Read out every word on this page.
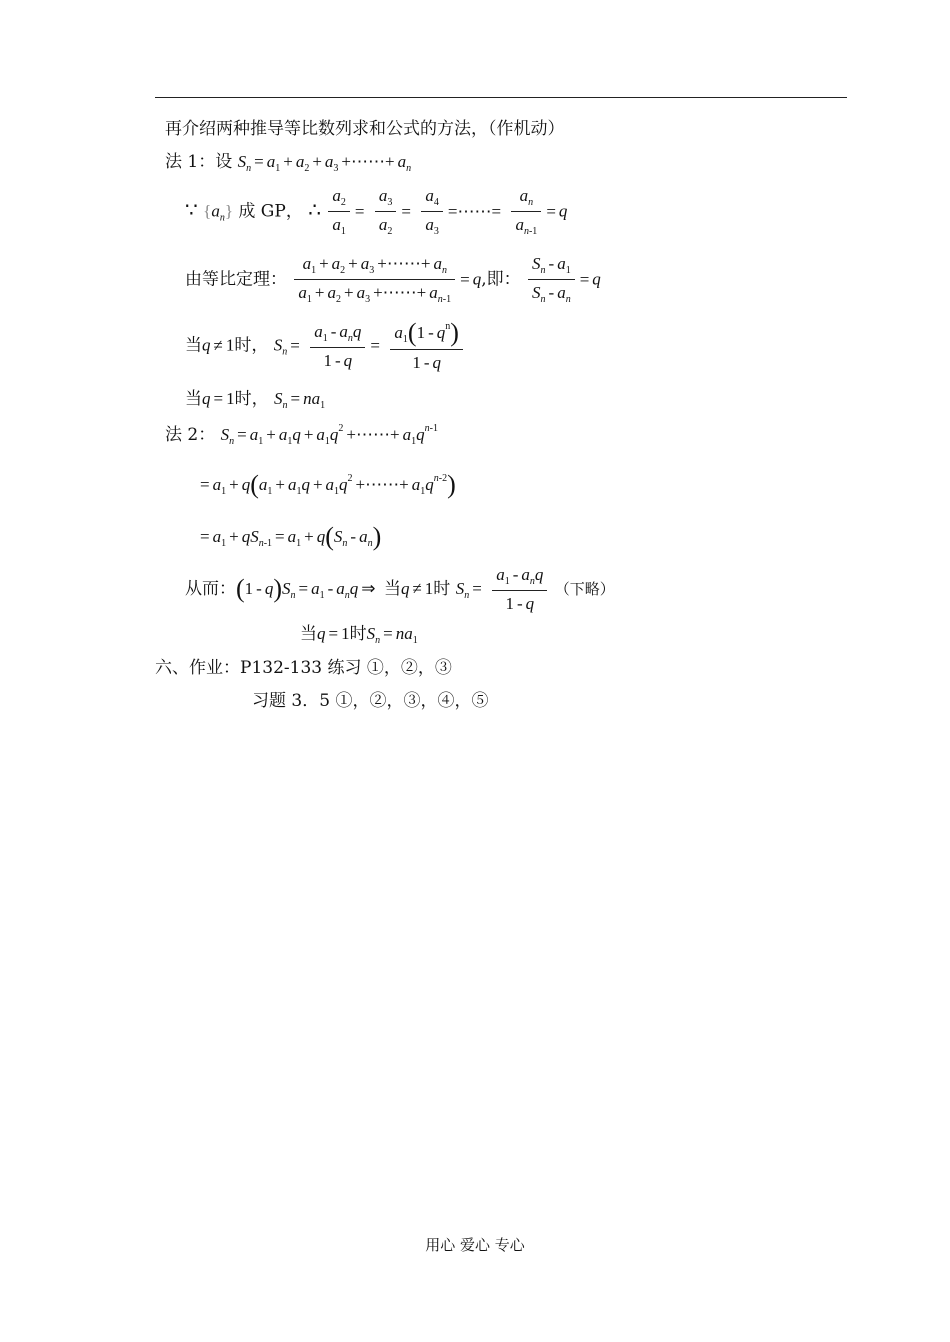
再介绍两种推导等比数列求和公式的方法，（作机动）
法 1：设 $S_n = a_1 + a_2 + a_3$ +⋯⋯+ $a_n$
∵ $\{a_n\}$ 成 GP， ∴ $\frac{a_2}{a_1} = \frac{a_3}{a_2} = \frac{a_4}{a_3}$ =⋯⋯= $\frac{a_n}{a_{n-1}} = q$
由等比定理： $\frac{a_1 + a_2 + a_3 +\cdots\cdots+ a_n}{a_1 + a_2 + a_3 +\cdots\cdots+ a_{n-1}} = q$,即： $\frac{S_n - a_1}{S_n - a_n} = q$
当q ≠ 1时， $S_n = \frac{a_1 - a_nq}{1 - q} = \frac{a_1(1 - q^n)}{1 - q}$
当q = 1时， $S_n = na_1$
法 2： $S_n = a_1 + a_1q + a_1q^2$ +⋯⋯+ $a_1q^{n-1}$
= $a_1 + q(a_1 + a_1q + a_1q^2$ +⋯⋯+ $a_1q^{n-2}$)
= $a_1 + qS_{n-1} = a_1 + q(S_n - a_n)$
从而：$(1 - q)S_n = a_1 - a_nq$ ⇒ 当q ≠ 1时 $S_n = \frac{a_1 - a_nq}{1 - q}$ （下略）
当q = 1时$S_n = na_1$
六、作业：P132-133 练习 ①，②，③
习题 3．5 ①，②，③，④，⑤
用心 爱心 专心
